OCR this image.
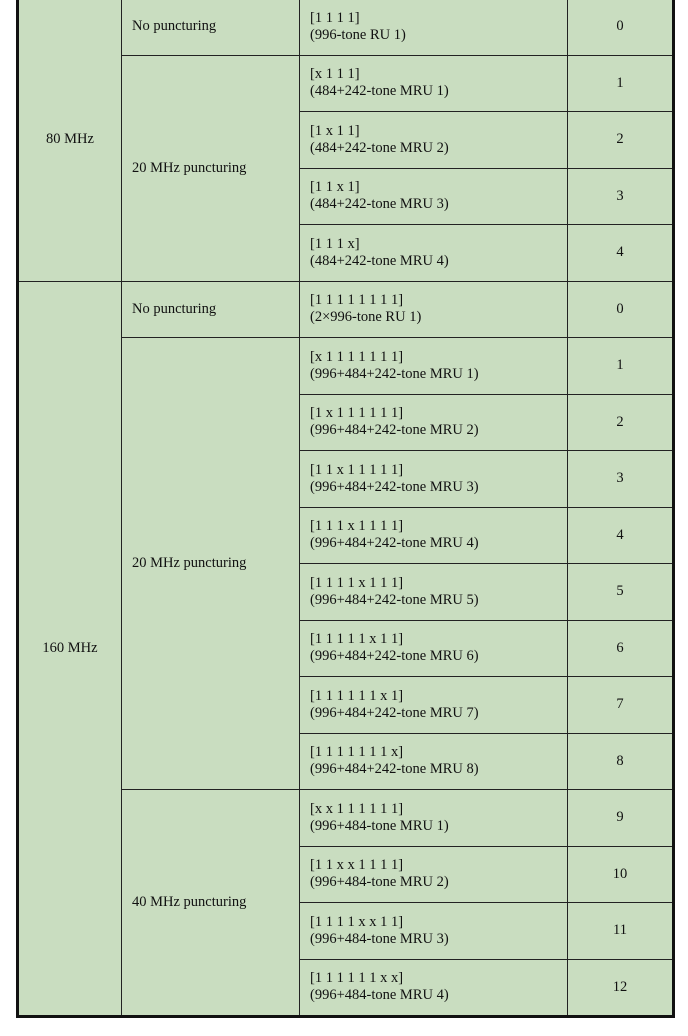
80 MHz	No puncturing	[1 1 1 1]
(996-tone RU 1)	0
	20 MHz puncturing	[x 1 1 1]
(484+242-tone MRU 1)	1
		[1 x 1 1]
(484+242-tone MRU 2)	2
		[1 1 x 1]
(484+242-tone MRU 3)	3
		[1 1 1 x]
(484+242-tone MRU 4)	4
160 MHz	No puncturing	[1 1 1 1 1 1 1 1]
(2×996-tone RU 1)	0
	20 MHz puncturing	[x 1 1 1 1 1 1 1]
(996+484+242-tone MRU 1)	1
		[1 x 1 1 1 1 1 1]
(996+484+242-tone MRU 2)	2
		[1 1 x 1 1 1 1 1]
(996+484+242-tone MRU 3)	3
		[1 1 1 x 1 1 1 1]
(996+484+242-tone MRU 4)	4
		[1 1 1 1 x 1 1 1]
(996+484+242-tone MRU 5)	5
		[1 1 1 1 1 x 1 1]
(996+484+242-tone MRU 6)	6
		[1 1 1 1 1 1 x 1]
(996+484+242-tone MRU 7)	7
		[1 1 1 1 1 1 1 x]
(996+484+242-tone MRU 8)	8
	40 MHz puncturing	[x x 1 1 1 1 1 1]
(996+484-tone MRU 1)	9
		[1 1 x x 1 1 1 1]
(996+484-tone MRU 2)	10
		[1 1 1 1 x x 1 1]
(996+484-tone MRU 3)	11
		[1 1 1 1 1 1 x x]
(996+484-tone MRU 4)	12
